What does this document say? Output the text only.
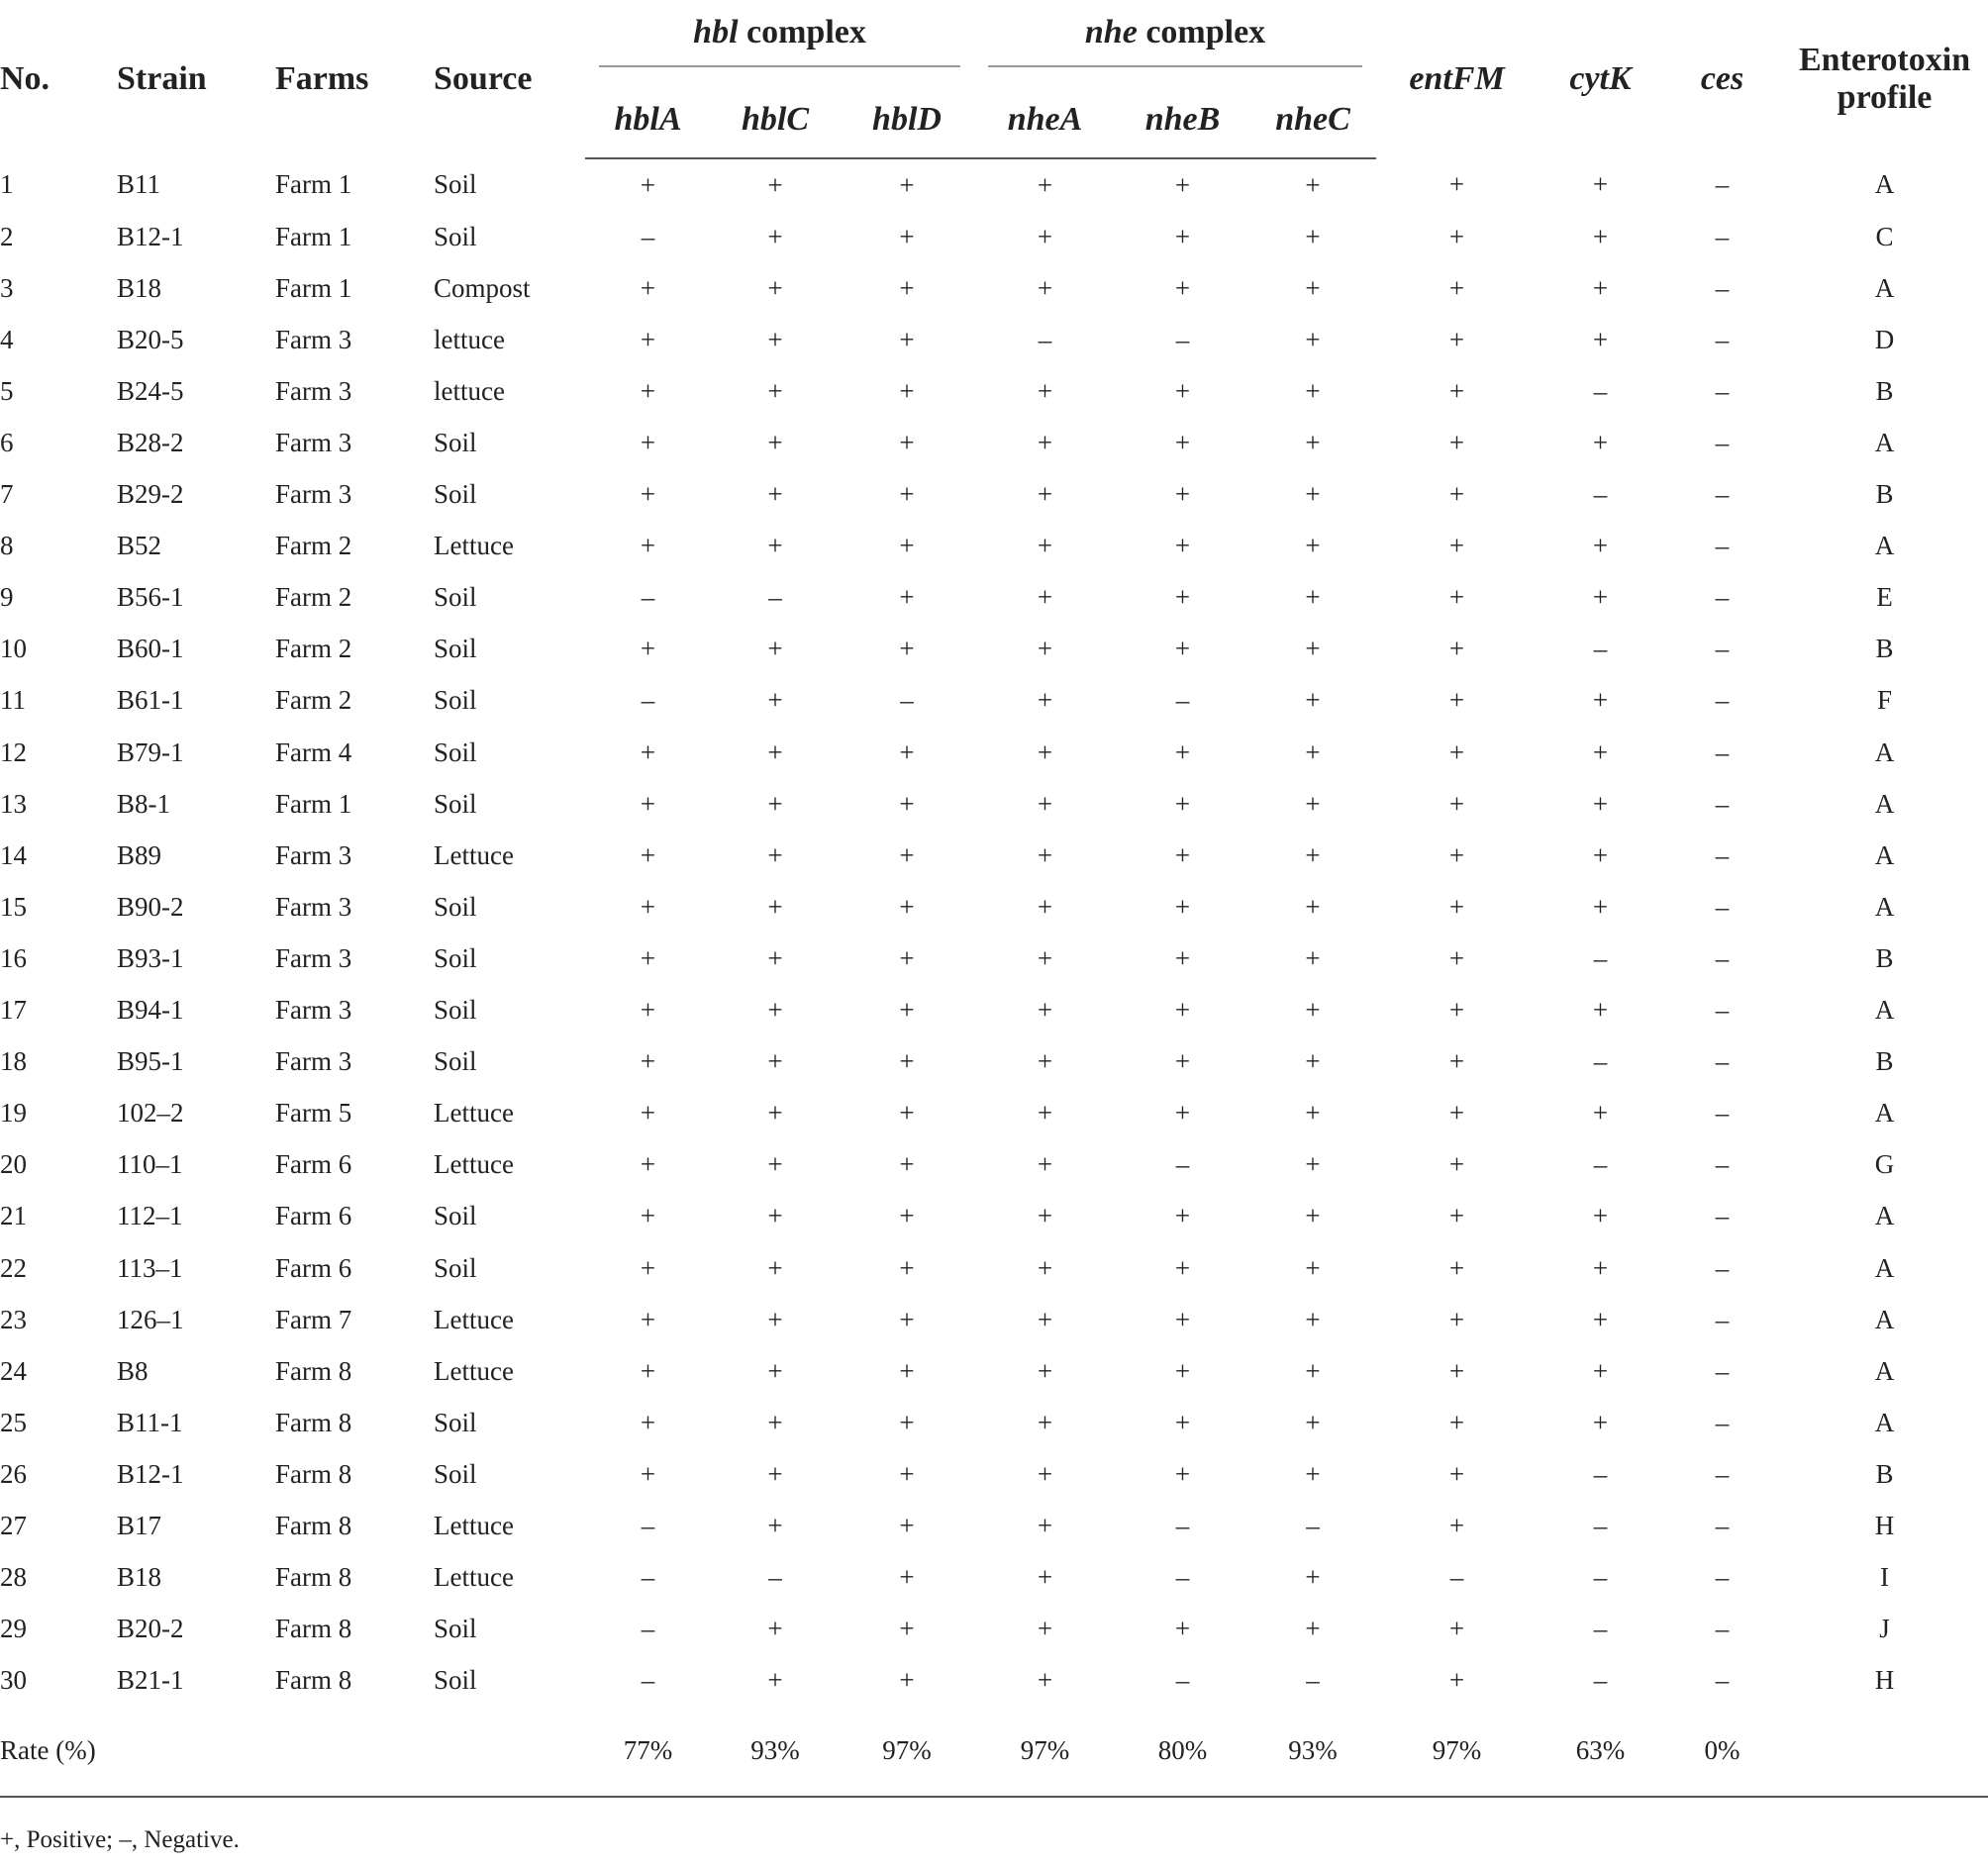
No.	Strain	Farms	Source	hbl complex			nhe complex			entFM	cytK	ces	Enterotoxin
profile
				hblA	hblC	hblD	nheA	nheB	nheC				
1	B11	Farm 1	Soil	+	+	+	+	+	+	+	+	–	A
2	B12-1	Farm 1	Soil	–	+	+	+	+	+	+	+	–	C
3	B18	Farm 1	Compost	+	+	+	+	+	+	+	+	–	A
4	B20-5	Farm 3	lettuce	+	+	+	–	–	+	+	+	–	D
5	B24-5	Farm 3	lettuce	+	+	+	+	+	+	+	–	–	B
6	B28-2	Farm 3	Soil	+	+	+	+	+	+	+	+	–	A
7	B29-2	Farm 3	Soil	+	+	+	+	+	+	+	–	–	B
8	B52	Farm 2	Lettuce	+	+	+	+	+	+	+	+	–	A
9	B56-1	Farm 2	Soil	–	–	+	+	+	+	+	+	–	E
10	B60-1	Farm 2	Soil	+	+	+	+	+	+	+	–	–	B
11	B61-1	Farm 2	Soil	–	+	–	+	–	+	+	+	–	F
12	B79-1	Farm 4	Soil	+	+	+	+	+	+	+	+	–	A
13	B8-1	Farm 1	Soil	+	+	+	+	+	+	+	+	–	A
14	B89	Farm 3	Lettuce	+	+	+	+	+	+	+	+	–	A
15	B90-2	Farm 3	Soil	+	+	+	+	+	+	+	+	–	A
16	B93-1	Farm 3	Soil	+	+	+	+	+	+	+	–	–	B
17	B94-1	Farm 3	Soil	+	+	+	+	+	+	+	+	–	A
18	B95-1	Farm 3	Soil	+	+	+	+	+	+	+	–	–	B
19	102–2	Farm 5	Lettuce	+	+	+	+	+	+	+	+	–	A
20	110–1	Farm 6	Lettuce	+	+	+	+	–	+	+	–	–	G
21	112–1	Farm 6	Soil	+	+	+	+	+	+	+	+	–	A
22	113–1	Farm 6	Soil	+	+	+	+	+	+	+	+	–	A
23	126–1	Farm 7	Lettuce	+	+	+	+	+	+	+	+	–	A
24	B8	Farm 8	Lettuce	+	+	+	+	+	+	+	+	–	A
25	B11-1	Farm 8	Soil	+	+	+	+	+	+	+	+	–	A
26	B12-1	Farm 8	Soil	+	+	+	+	+	+	+	–	–	B
27	B17	Farm 8	Lettuce	–	+	+	+	–	–	+	–	–	H
28	B18	Farm 8	Lettuce	–	–	+	+	–	+	–	–	–	I
29	B20-2	Farm 8	Soil	–	+	+	+	+	+	+	–	–	J
30	B21-1	Farm 8	Soil	–	+	+	+	–	–	+	–	–	H
Rate (%)				77%	93%	97%	97%	80%	93%	97%	63%	0%	
+, Positive; –, Negative.
